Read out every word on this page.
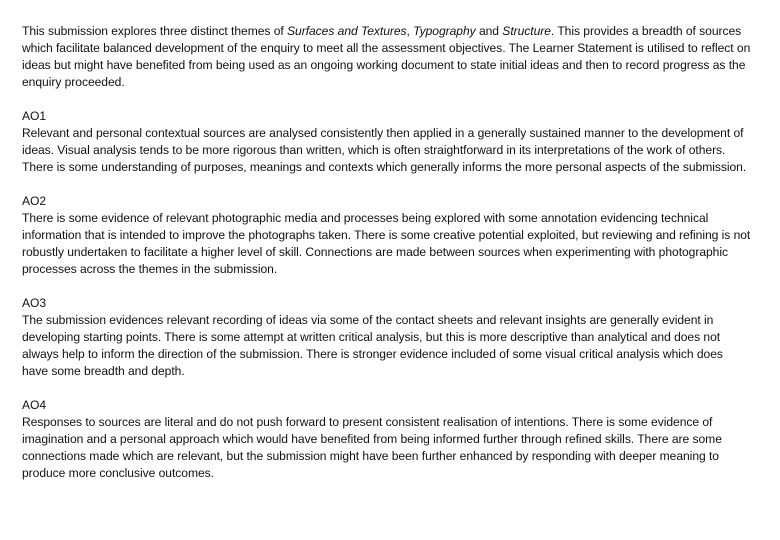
This submission explores three distinct themes of Surfaces and Textures, Typography and Structure. This provides a breadth of sources which facilitate balanced development of the enquiry to meet all the assessment objectives. The Learner Statement is utilised to reflect on ideas but might have benefited from being used as an ongoing working document to state initial ideas and then to record progress as the enquiry proceeded.

AO1
Relevant and personal contextual sources are analysed consistently then applied in a generally sustained manner to the development of ideas. Visual analysis tends to be more rigorous than written, which is often straightforward in its interpretations of the work of others. There is some understanding of purposes, meanings and contexts which generally informs the more personal aspects of the submission.
AO2
There is some evidence of relevant photographic media and processes being explored with some annotation evidencing technical information that is intended to improve the photographs taken. There is some creative potential exploited, but reviewing and refining is not robustly undertaken to facilitate a higher level of skill. Connections are made between sources when experimenting with photographic processes across the themes in the submission.
AO3
The submission evidences relevant recording of ideas via some of the contact sheets and relevant insights are generally evident in developing starting points. There is some attempt at written critical analysis, but this is more descriptive than analytical and does not always help to inform the direction of the submission. There is stronger evidence included of some visual critical analysis which does have some breadth and depth.
AO4
Responses to sources are literal and do not push forward to present consistent realisation of intentions. There is some evidence of imagination and a personal approach which would have benefited from being informed further through refined skills. There are some connections made which are relevant, but the submission might have been further enhanced by responding with deeper meaning to produce more conclusive outcomes.
